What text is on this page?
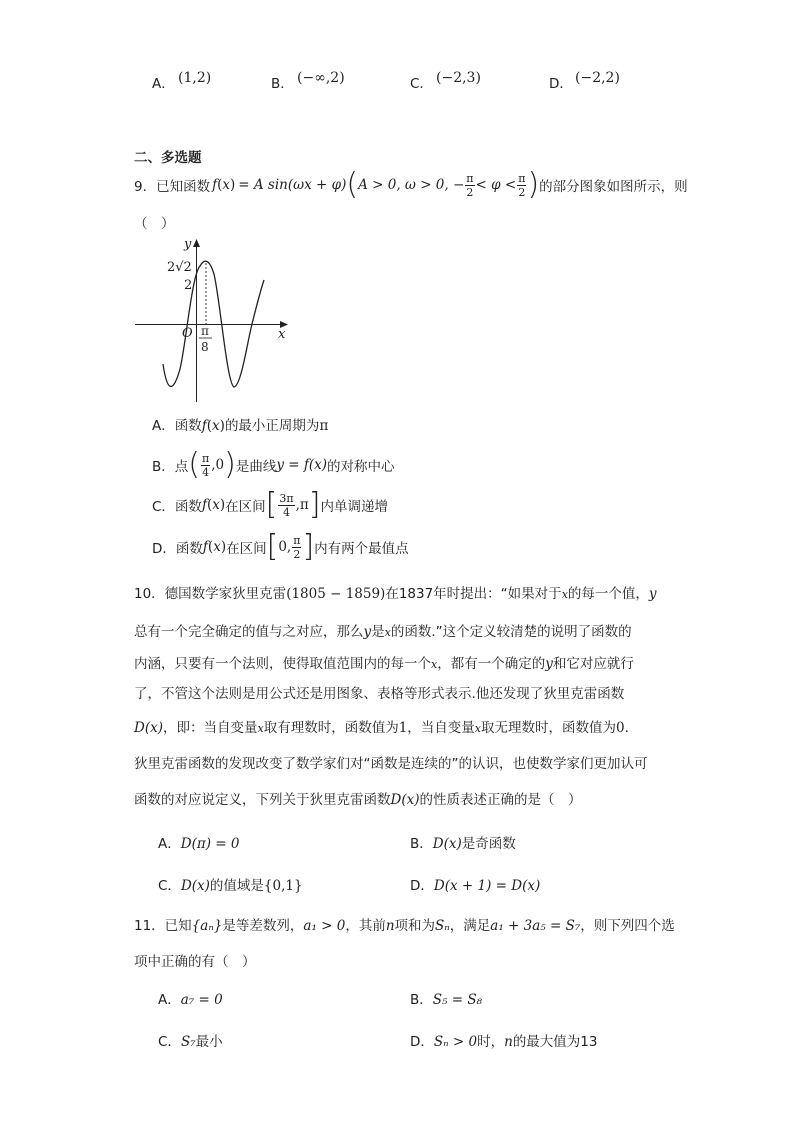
A． (1,2)	B． (−∞,2)	C． (−2,3)	D． (−2,2)
二、多选题
9．已知函数 f(x) = A sin(ωx + φ)(A > 0, ω > 0, − $\frac{\pi}{2} < \varphi < \frac{\pi}{2}$ )的部分图象如图所示，则
（　）
y
x
O
2√2
2
π
8
A．函数f(x)的最小正周期为π
B．点( $\frac{\pi}{4} ,0$)是曲线y = f(x)的对称中心
C．函数f(x)在区间[ $\frac{3\pi}{4} ,\pi$]内单调递增
D．函数f(x)在区间[0, $\frac{\pi}{2}$ ]内有两个最值点
10．德国数学家狄里克雷(1805 − 1859)在1837年时提出：“如果对于x的每一个值，y
总有一个完全确定的值与之对应，那么y是x的函数.”这个定义较清楚的说明了函数的
内涵，只要有一个法则，使得取值范围内的每一个x，都有一个确定的y和它对应就行
了，不管这个法则是用公式还是用图象、表格等形式表示.他还发现了狄里克雷函数
D(x)，即：当自变量x取有理数时，函数值为1，当自变量x取无理数时，函数值为0.
狄里克雷函数的发现改变了数学家们对“函数是连续的”的认识，也使数学家们更加认可
函数的对应说定义，下列关于狄里克雷函数D(x)的性质表述正确的是（　）
A．D(π) = 0	B．D(x)是奇函数
C．D(x)的值域是{0,1}	D．D(x + 1) = D(x)
11．已知{aₙ}是等差数列，a₁ > 0，其前n项和为Sₙ，满足a₁ + 3a₅ = S₇，则下列四个选
项中正确的有（　）
A．a₇ = 0	B．S₅ = S₈
C．S₇最小	D．Sₙ > 0时，n的最大值为13
